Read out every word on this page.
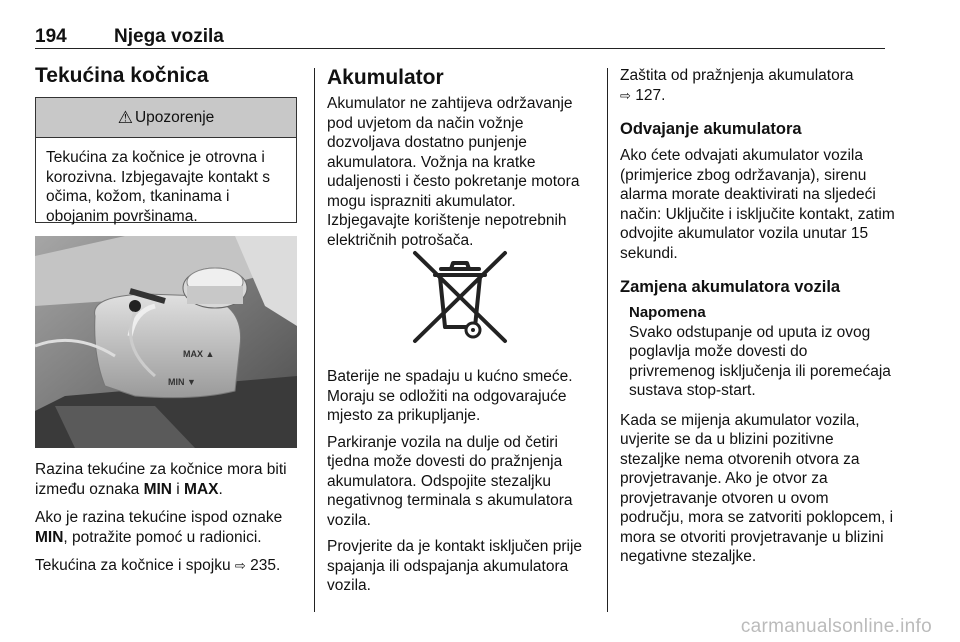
194 Njega vozila
Tekućina kočnica
⚠ Upozorenje
Tekućina za kočnice je otrovna i korozivna. Izbjegavajte kontakt s očima, kožom, tkaninama i obojanim površinama.
MAX ▲
MIN ▼

Razina tekućine za kočnice mora biti između oznaka MIN i MAX.

Ako je razina tekućine ispod oznake MIN, potražite pomoć u radionici.

Tekućina za kočnice i spojku ⇨ 235.

Akumulator

Akumulator ne zahtijeva održavanje pod uvjetom da način vožnje dozvoljava dostatno punjenje akumulatora. Vožnja na kratke udaljenosti i često pokretanje motora mogu isprazniti akumulator.

Izbjegavajte korištenje nepotrebnih električnih potrošača.

Baterije ne spadaju u kućno smeće. Moraju se odložiti na odgovarajuće mjesto za prikupljanje.

Parkiranje vozila na dulje od četiri tjedna može dovesti do pražnjenja akumulatora. Odspojite stezaljku negativnog terminala s akumulatora vozila.

Provjerite da je kontakt isključen prije spajanja ili odspajanja akumulatora vozila.

Zaštita od pražnjenja akumulatora
⇨ 127.

Odvajanje akumulatora

Ako ćete odvajati akumulator vozila (primjerice zbog održavanja), sirenu alarma morate deaktivirati na sljedeći način: Uključite i isključite kontakt, zatim odvojite akumulator vozila unutar 15 sekundi.

Zamjena akumulatora vozila

Napomena

Svako odstupanje od uputa iz ovog poglavlja može dovesti do privremenog isključenja ili poremećaja sustava stop-start.

Kada se mijenja akumulator vozila, uvjerite se da u blizini pozitivne stezaljke nema otvorenih otvora za provjetravanje. Ako je otvor za provjetravanje otvoren u ovom području, mora se zatvoriti poklopcem, i mora se otvoriti provjetravanje u blizini negativne stezaljke.

carmanualsonline.info
